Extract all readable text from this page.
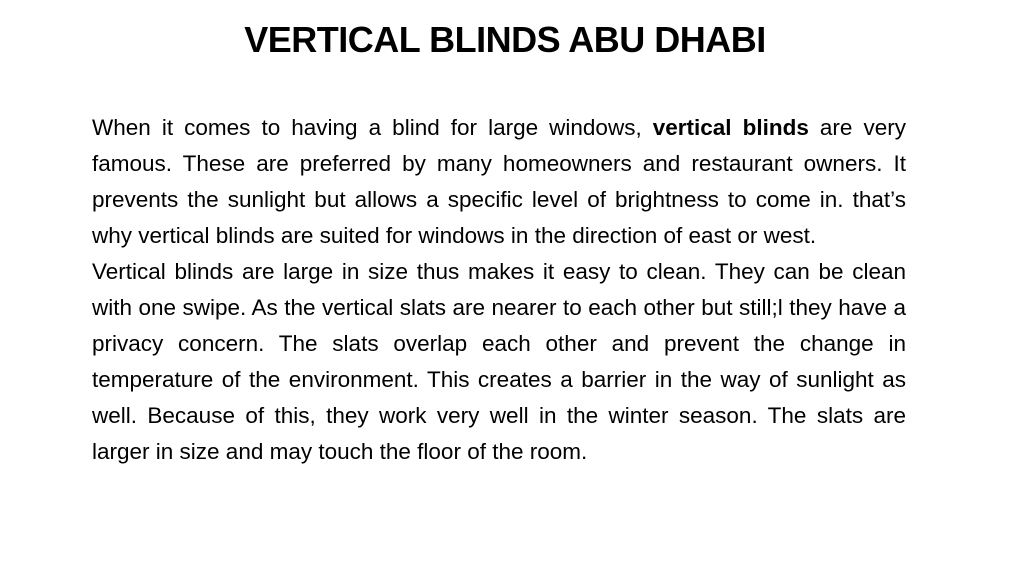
VERTICAL BLINDS ABU DHABI

When it comes to having a blind for large windows, vertical blinds are very famous. These are preferred by many homeowners and restaurant owners. It prevents the sunlight but allows a specific level of brightness to come in. that’s why vertical blinds are suited for windows in the direction of east or west.

Vertical blinds are large in size thus makes it easy to clean. They can be clean with one swipe. As the vertical slats are nearer to each other but still;l they have a privacy concern. The slats overlap each other and prevent the change in temperature of the environment. This creates a barrier in the way of sunlight as well. Because of this, they work very well in the winter season. The slats are larger in size and may touch the floor of the room.
